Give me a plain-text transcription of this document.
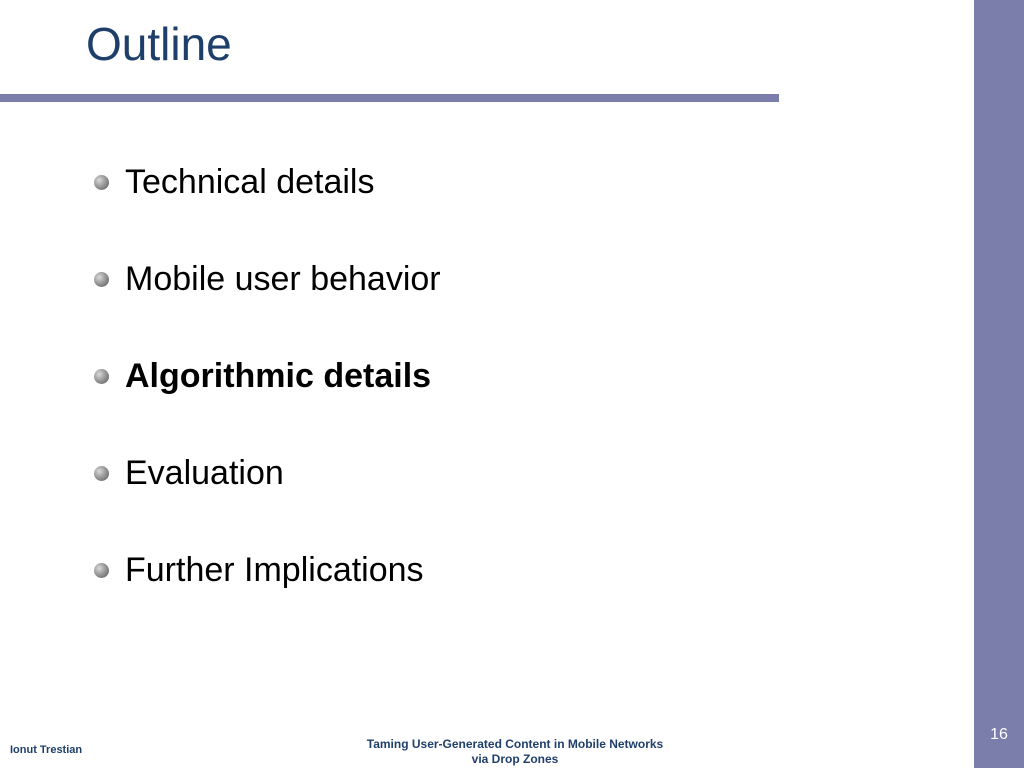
Outline
Technical details
Mobile user behavior
Algorithmic details
Evaluation
Further Implications
Ionut Trestian	Taming User-Generated Content in Mobile Networks
via Drop Zones
16
